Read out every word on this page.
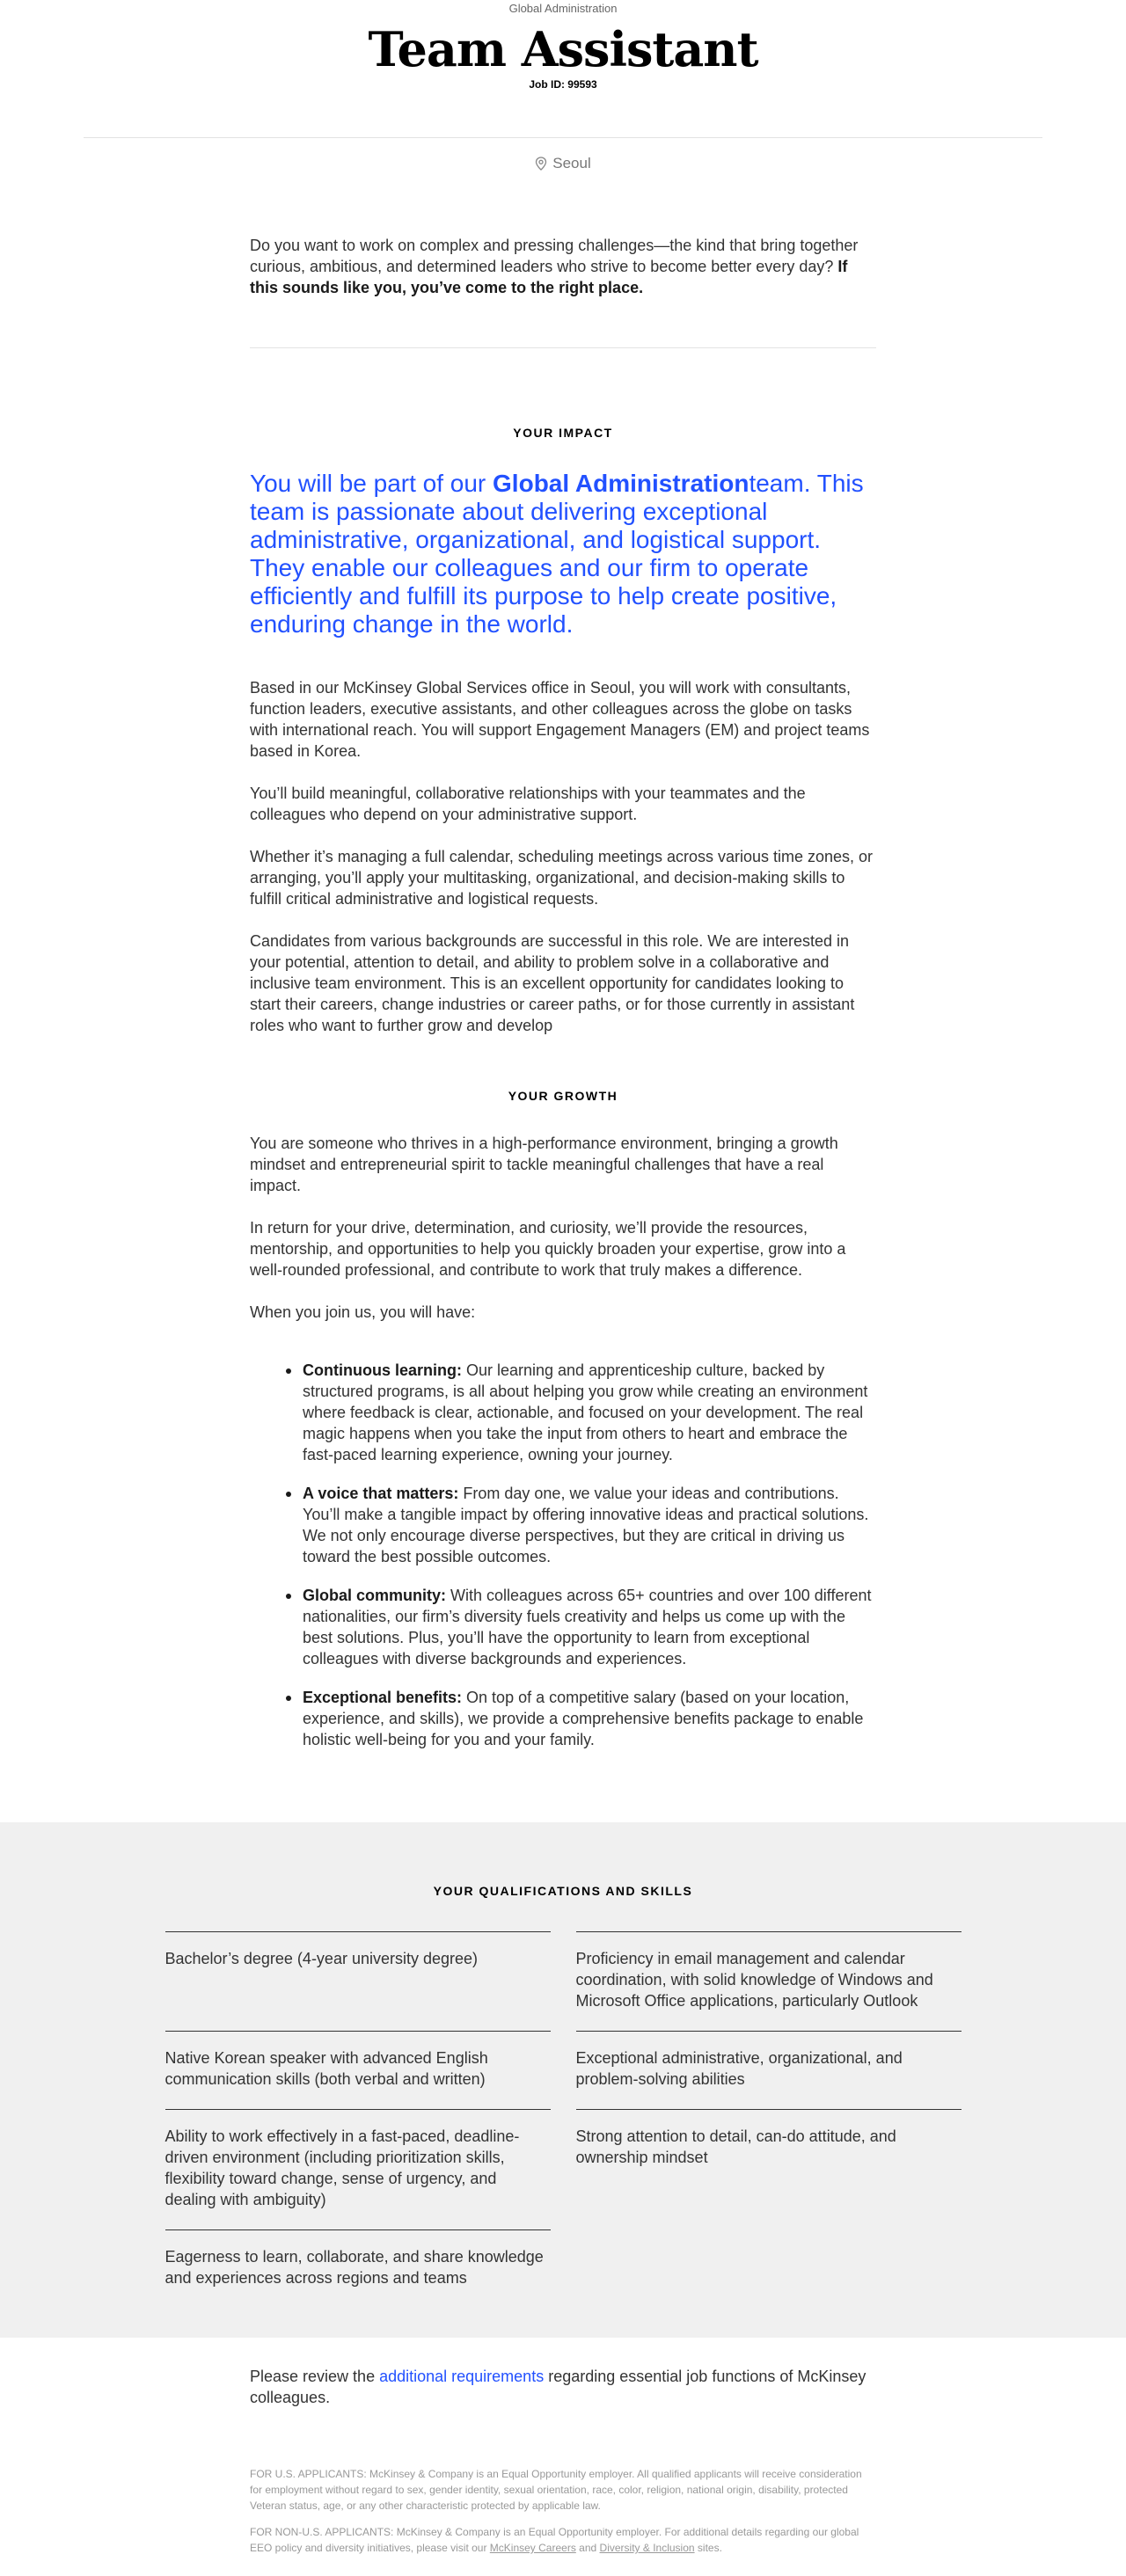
Global Administration
Team Assistant
Job ID: 99593
Seoul

Do you want to work on complex and pressing challenges—the kind that bring together curious, ambitious, and determined leaders who strive to become better every day? If this sounds like you, you’ve come to the right place.

YOUR IMPACT
You will be part of our Global Administrationteam. This team is passionate about delivering exceptional administrative, organizational, and logistical support. They enable our colleagues and our firm to operate efficiently and fulfill its purpose to help create positive, enduring change in the world.

Based in our McKinsey Global Services office in Seoul, you will work with consultants, function leaders, executive assistants, and other colleagues across the globe on tasks with international reach. You will support Engagement Managers (EM) and project teams based in Korea.

You’ll build meaningful, collaborative relationships with your teammates and the colleagues who depend on your administrative support.

Whether it’s managing a full calendar, scheduling meetings across various time zones, or arranging, you’ll apply your multitasking, organizational, and decision-making skills to fulfill critical administrative and logistical requests.

Candidates from various backgrounds are successful in this role. We are interested in your potential, attention to detail, and ability to problem solve in a collaborative and inclusive team environment. This is an excellent opportunity for candidates looking to start their careers, change industries or career paths, or for those currently in assistant roles who want to further grow and develop

YOUR GROWTH

You are someone who thrives in a high-performance environment, bringing a growth mindset and entrepreneurial spirit to tackle meaningful challenges that have a real impact.

In return for your drive, determination, and curiosity, we’ll provide the resources, mentorship, and opportunities to help you quickly broaden your expertise, grow into a well-rounded professional, and contribute to work that truly makes a difference.

When you join us, you will have:

Continuous learning: Our learning and apprenticeship culture, backed by structured programs, is all about helping you grow while creating an environment where feedback is clear, actionable, and focused on your development. The real magic happens when you take the input from others to heart and embrace the fast-paced learning experience, owning your journey.
A voice that matters: From day one, we value your ideas and contributions. You’ll make a tangible impact by offering innovative ideas and practical solutions. We not only encourage diverse perspectives, but they are critical in driving us toward the best possible outcomes.
Global community: With colleagues across 65+ countries and over 100 different nationalities, our firm’s diversity fuels creativity and helps us come up with the best solutions. Plus, you’ll have the opportunity to learn from exceptional colleagues with diverse backgrounds and experiences.
Exceptional benefits: On top of a competitive salary (based on your location, experience, and skills), we provide a comprehensive benefits package to enable holistic well-being for you and your family.
YOUR QUALIFICATIONS AND SKILLS
Bachelor’s degree (4-year university degree)	Proficiency in email management and calendar coordination, with solid knowledge of Windows and Microsoft Office applications, particularly Outlook
Native Korean speaker with advanced English communication skills (both verbal and written)
Exceptional administrative, organizational, and problem-solving abilities
Ability to work effectively in a fast-paced, deadline-driven environment (including prioritization skills, flexibility toward change, sense of urgency, and dealing with ambiguity)
Strong attention to detail, can-do attitude, and ownership mindset
Eagerness to learn, collaborate, and share knowledge and experiences across regions and teams

Please review the additional requirements regarding essential job functions of McKinsey colleagues.

FOR U.S. APPLICANTS: McKinsey & Company is an Equal Opportunity employer. All qualified applicants will receive consideration for employment without regard to sex, gender identity, sexual orientation, race, color, religion, national origin, disability, protected Veteran status, age, or any other characteristic protected by applicable law.
FOR NON-U.S. APPLICANTS: McKinsey & Company is an Equal Opportunity employer. For additional details regarding our global EEO policy and diversity initiatives, please visit our McKinsey Careers and Diversity & Inclusion sites.
